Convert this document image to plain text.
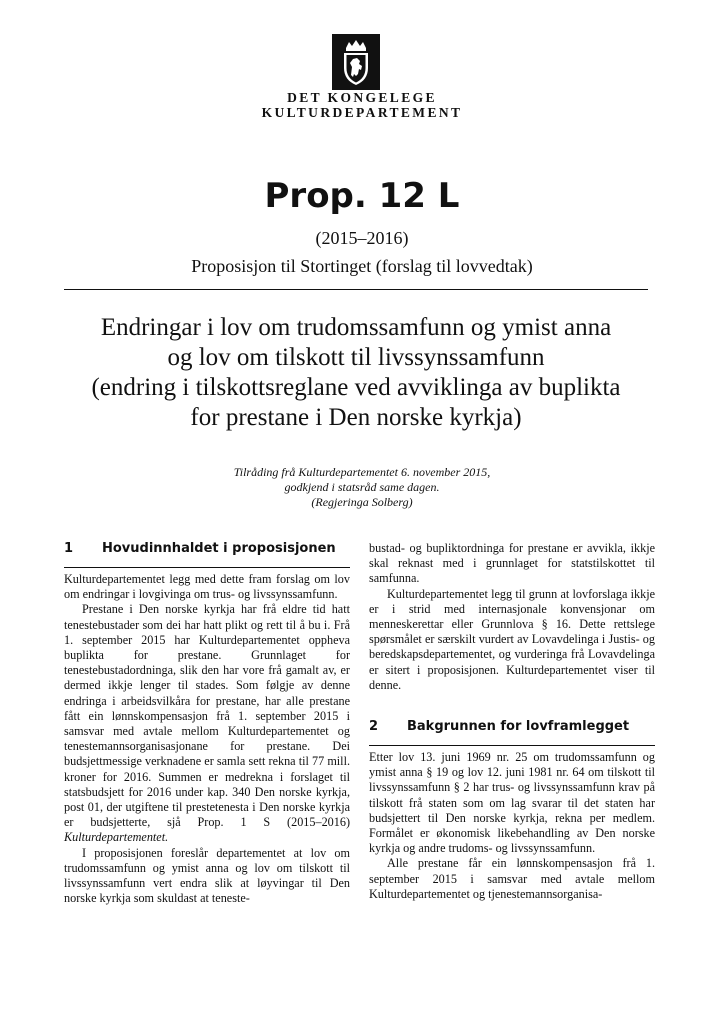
DET KONGELEGE
KULTURDEPARTEMENT
Prop. 12 L
(2015–2016)
Proposisjon til Stortinget (forslag til lovvedtak)
Endringar i lov om trudomssamfunn og ymist anna
og lov om tilskott til livssynssamfunn
(endring i tilskottsreglane ved avviklinga av buplikta
for prestane i Den norske kyrkja)
Tilråding frå Kulturdepartementet 6. november 2015,
godkjend i statsråd same dagen.
(Regjeringa Solberg)
1	Hovudinnhaldet i proposisjonen

Kulturdepartementet legg med dette fram forslag om lov om endringar i lovgivinga om trus- og livssynssamfunn.

Prestane i Den norske kyrkja har frå eldre tid hatt tenestebustader som dei har hatt plikt og rett til å bu i. Frå 1. september 2015 har Kulturdepartementet oppheva buplikta for prestane. Grunnlaget for tenestebustadordninga, slik den har vore frå gamalt av, er dermed ikkje lenger til stades. Som følgje av denne endringa i arbeidsvilkåra for prestane, har alle prestane fått ein lønnskompensasjon frå 1. september 2015 i samsvar med avtale mellom Kulturdepartementet og tenestemannsorganisasjonane for prestane. Dei budsjettmessige verknadene er samla sett rekna til 77 mill. kroner for 2016. Summen er medrekna i forslaget til statsbudsjett for 2016 under kap. 340 Den norske kyrkja, post 01, der utgiftene til prestetenesta i Den norske kyrkja er budsjetterte, sjå Prop. 1 S (2015–2016) Kulturdepartementet.

I proposisjonen foreslår departementet at lov om trudomssamfunn og ymist anna og lov om tilskott til livssynssamfunn vert endra slik at løyvingar til Den norske kyrkja som skuldast at teneste-

bustad- og bupliktordninga for prestane er avvikla, ikkje skal reknast med i grunnlaget for statstilskottet til samfunna.

Kulturdepartementet legg til grunn at lovforslaga ikkje er i strid med internasjonale konvensjonar om menneskerettar eller Grunnlova § 16. Dette rettslege spørsmålet er særskilt vurdert av Lovavdelinga i Justis- og beredskapsdepartementet, og vurderinga frå Lovavdelinga er sitert i proposisjonen. Kulturdepartementet viser til denne.

2	Bakgrunnen for lovframlegget

Etter lov 13. juni 1969 nr. 25 om trudomssamfunn og ymist anna § 19 og lov 12. juni 1981 nr. 64 om tilskott til livssynssamfunn § 2 har trus- og livssynssamfunn krav på tilskott frå staten som om lag svarar til det staten har budsjettert til Den norske kyrkja, rekna per medlem. Formålet er økonomisk likebehandling av Den norske kyrkja og andre trudoms- og livssynssamfunn.

Alle prestane får ein lønnskompensasjon frå 1. september 2015 i samsvar med avtale mellom Kulturdepartementet og tjenestemannsorganisa-
